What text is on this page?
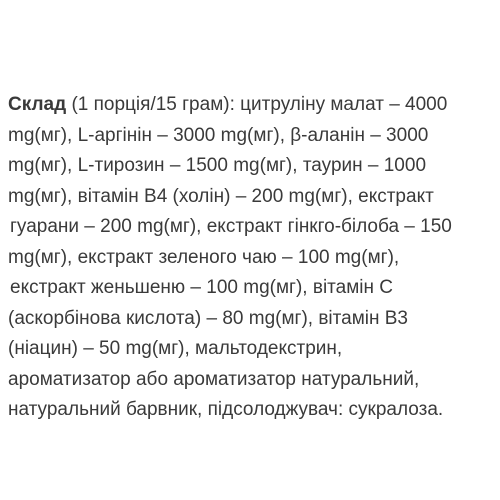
Склад (1 порція/15 грам): цитруліну малат – 4000
mg(мг), L-аргінін – 3000 mg(мг), β-аланін – 3000
mg(мг), L-тирозин – 1500 mg(мг), таурин – 1000
mg(мг), вітамін B4 (холін) – 200 mg(мг), екстракт
гуарани – 200 mg(мг), екстракт гінкго-білоба – 150
mg(мг), екстракт зеленого чаю – 100 mg(мг),
екстракт женьшеню – 100 mg(мг), вітамін C
(аскорбінова кислота) – 80 mg(мг), вітамін B3
(ніацин) – 50 mg(мг), мальтодекстрин,
ароматизатор або ароматизатор натуральний,
натуральний барвник, підсолоджувач: сукралоза.
